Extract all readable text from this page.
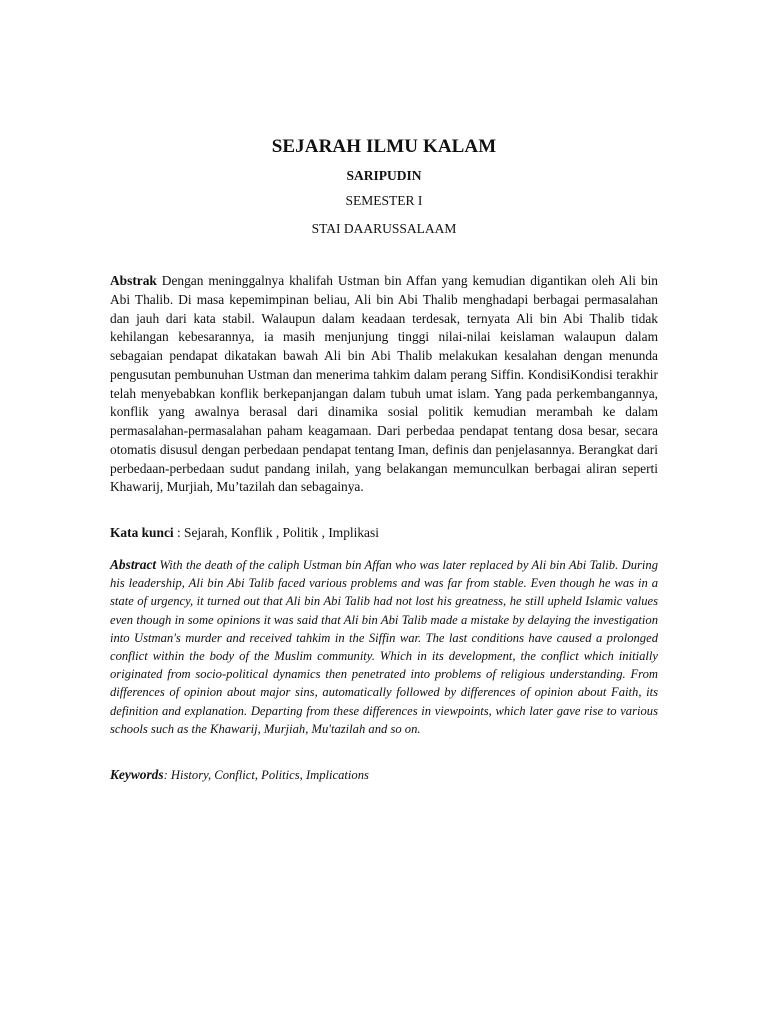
SEJARAH ILMU KALAM
SARIPUDIN
SEMESTER I
STAI DAARUSSALAAM

Abstrak Dengan meninggalnya khalifah Ustman bin Affan yang kemudian digantikan oleh Ali bin Abi Thalib. Di masa kepemimpinan beliau, Ali bin Abi Thalib menghadapi berbagai permasalahan dan jauh dari kata stabil. Walaupun dalam keadaan terdesak, ternyata Ali bin Abi Thalib tidak kehilangan kebesarannya, ia masih menjunjung tinggi nilai-nilai keislaman walaupun dalam sebagaian pendapat dikatakan bawah Ali bin Abi Thalib melakukan kesalahan dengan menunda pengusutan pembunuhan Ustman dan menerima tahkim dalam perang Siffin. KondisiKondisi terakhir telah menyebabkan konflik berkepanjangan dalam tubuh umat islam. Yang pada perkembangannya, konflik yang awalnya berasal dari dinamika sosial politik kemudian merambah ke dalam permasalahan-permasalahan paham keagamaan. Dari perbedaa pendapat tentang dosa besar, secara otomatis disusul dengan perbedaan pendapat tentang Iman, definis dan penjelasannya. Berangkat dari perbedaan-perbedaan sudut pandang inilah, yang belakangan memunculkan berbagai aliran seperti Khawarij, Murjiah, Mu’tazilah dan sebagainya.

Kata kunci : Sejarah, Konflik , Politik , Implikasi

Abstract With the death of the caliph Ustman bin Affan who was later replaced by Ali bin Abi Talib. During his leadership, Ali bin Abi Talib faced various problems and was far from stable. Even though he was in a state of urgency, it turned out that Ali bin Abi Talib had not lost his greatness, he still upheld Islamic values even though in some opinions it was said that Ali bin Abi Talib made a mistake by delaying the investigation into Ustman's murder and received tahkim in the Siffin war. The last conditions have caused a prolonged conflict within the body of the Muslim community. Which in its development, the conflict which initially originated from socio-political dynamics then penetrated into problems of religious understanding. From differences of opinion about major sins, automatically followed by differences of opinion about Faith, its definition and explanation. Departing from these differences in viewpoints, which later gave rise to various schools such as the Khawarij, Murjiah, Mu'tazilah and so on.

Keywords: History, Conflict, Politics, Implications
